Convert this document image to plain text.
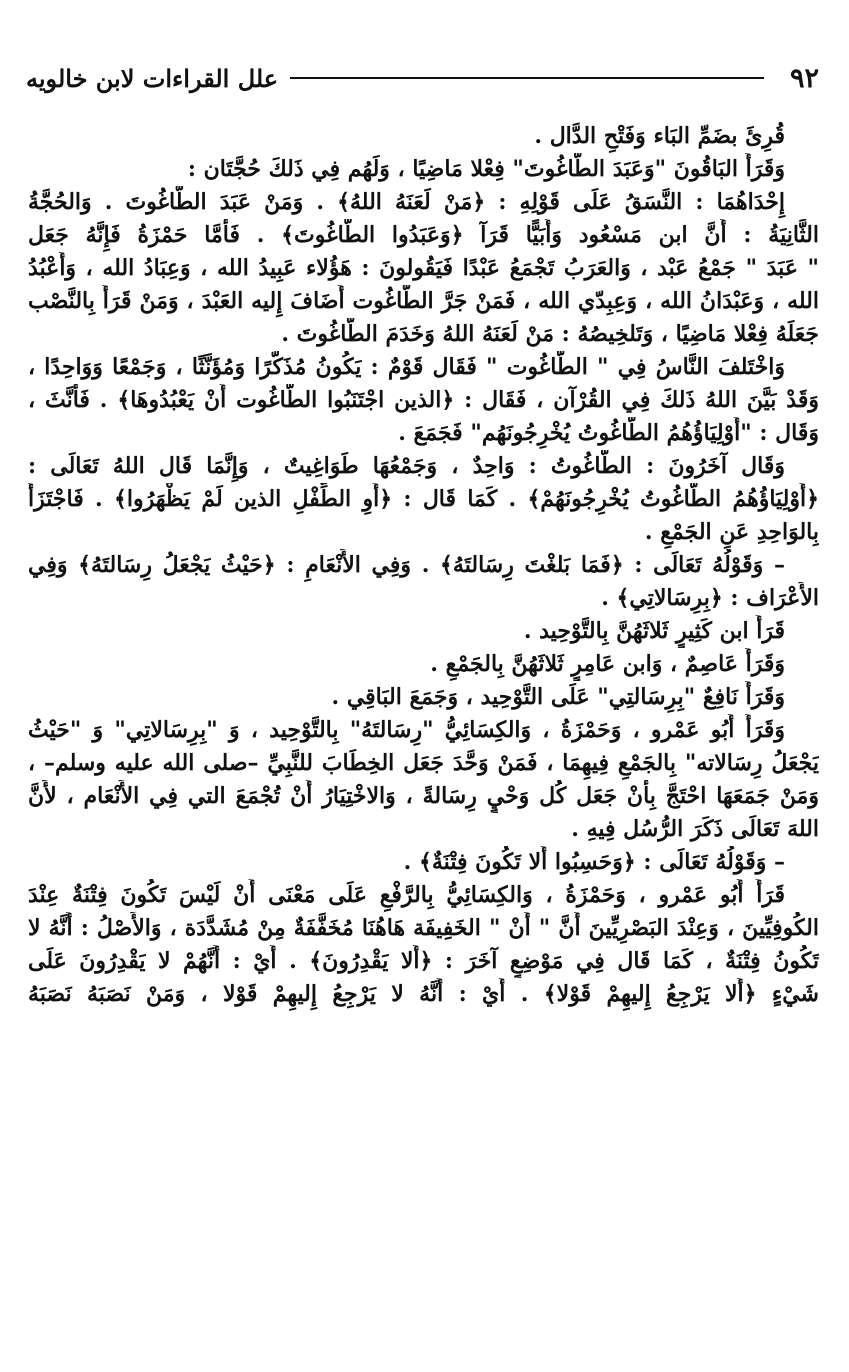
٩٢
علل القراءات لابن خالويه
قُرِئَ بضَمِّ البَاء وَفَتْحِ الدَّال .
وَقَرَأَ البَاقُونَ "وَعَبَدَ الطَّاغُوتَ" فِعْلا مَاضِيًا ، وَلَهُم فِي ذَلكَ حُجَّتَان :
إِحْدَاهُمَا : النَّسَقُ عَلَى قَوْلِهِ : ﴿مَنْ لَعَنَهُ اللهُ﴾ . وَمَنْ عَبَدَ الطَّاغُوتَ . وَالحُجَّةُ
الثَّانِيَةُ : أَنَّ ابن مَسْعُود وَأُبَيًّا قَرَآ ﴿وَعَبَدُوا الطَّاغُوتَ﴾ . فَأَمَّا حَمْزَةُ فَإِنَّهُ جَعَل
" عَبَدَ " جَمْعُ عَبْد ، وَالعَرَبُ تَجْمَعُ عَبْدًا فَيَقُولونَ : هَؤُلاء عَبِيدُ الله ، وَعِبَادُ الله ، وَأَعْبُدُ
الله ، وَعَبْدَانُ الله ، وَعِبِدّي الله ، فَمَنْ جَرَّ الطَّاغُوت أَضَافَ إِليه العَبْدَ ، وَمَنْ قَرَأَ بِالنَّصْب
جَعَلَهُ فِعْلا مَاضِيًا ، وَتَلخِيصُهُ : مَنْ لَعَنَهُ اللهُ وَخَدَمَ الطَّاغُوتَ .
وَاخْتَلفَ النَّاسُ فِي " الطَّاغُوت " فَقَال قَوْمٌ : يَكُونُ مُذَكَّرًا وَمُؤَنَّثًا ، وَجَمْعًا وَوَاحِدًا ،
وَقَدْ بَيَّنَ اللهُ ذَلكَ فِي القُرْآن ، فَقَال : ﴿الذين اجْتَنَبُوا الطَّاغُوت أَنْ يَعْبُدُوهَا﴾ . فَأَنَّثَ ،
وَقَال : "أَوْلِيَاؤُهُمُ الطَّاغُوتُ يُخْرِجُونَهُم" فَجَمَعَ .
وَقَال آخَرُونَ : الطَّاغُوتُ : وَاحِدٌ ، وَجَمْعُهَا طَوَاغِيتٌ ، وَإِنَّمَا قَال اللهُ تَعَالَى :
﴿أَوْلِيَاؤُهُمُ الطَّاغُوتُ يُخْرِجُونَهُمْ﴾ . كَمَا قَال : ﴿أَوِ الطِّفْلِ الذين لَمْ يَظْهَرُوا﴾ . فَاجْتَزَأَ
بِالوَاحِدِ عَنِ الجَمْعِ .
– وَقَوْلُهُ تَعَالَى : ﴿فَمَا بَلغْتَ رِسَالتَهُ﴾ . وَفِي الأَنْعَامِ : ﴿حَيْثُ يَجْعَلُ رِسَالتَهُ﴾ وَفِي
الأَعْرَاف : ﴿بِرِسَالاتِي﴾ .
قَرَأَ ابن كَثِيرٍ ثَلاثَهُنَّ بِالتَّوْحِيد .
وَقَرَأَ عَاصِمٌ ، وَابن عَامِرٍ ثَلاثَهُنَّ بِالجَمْعِ .
وَقَرَأَ نَافِعٌ "بِرِسَالتِي" عَلَى التَّوْحِيد ، وَجَمَعَ البَاقِي .
وَقَرَأَ أَبُو عَمْرو ، وَحَمْزَةُ ، وَالكِسَائِيُّ "رِسَالتَهُ" بِالتَّوْحِيد ، وَ "بِرِسَالاتِي" وَ "حَيْثُ
يَجْعَلُ رِسَالاته" بِالجَمْعِ فِيهِمَا ، فَمَنْ وَحَّدَ جَعَل الخِطَابَ للنَّبِيِّ –صلى الله عليه وسلم– ،
وَمَنْ جَمَعَهَا احْتَجَّ بِأَنْ جَعَل كُل وَحْيٍ رِسَالةً ، وَالاخْتِيَارُ أَنْ تُجْمَعَ التي فِي الأَنْعَام ، لأَنَّ
اللهَ تَعَالَى ذَكَرَ الرُّسُل فِيهِ .
– وَقَوْلُهُ تَعَالَى : ﴿وَحَسِبُوا أَلا تَكُونَ فِتْنَةٌ﴾ .
قَرَأَ أَبُو عَمْرو ، وَحَمْزَةُ ، وَالكِسَائِيُّ بِالرَّفْعِ عَلَى مَعْنَى أَنْ لَيْسَ تَكُونَ فِتْنَةٌ عِنْدَ
الكُوفِيِّينَ ، وَعِنْدَ البَصْرِيِّينَ أَنَّ " أَنْ " الخَفِيفَة هَاهُنَا مُخَفَّفَةٌ مِنْ مُشَدَّدَة ، وَالأَصْلُ : أَنَّهُ لا
تَكُونُ فِتْنَةٌ ، كَمَا قَال فِي مَوْضِعٍ آخَرَ : ﴿أَلا يَقْدِرُونَ﴾ . أَيْ : أَنَّهُمْ لا يَقْدِرُونَ عَلَى
شَيْءٍ ﴿أَلا يَرْجِعُ إِليهِمْ قَوْلا﴾ . أَيْ : أَنَّهُ لا يَرْجِعُ إِليهِمْ قَوْلا ، وَمَنْ نَصَبَهُ نَصَبَهُ
